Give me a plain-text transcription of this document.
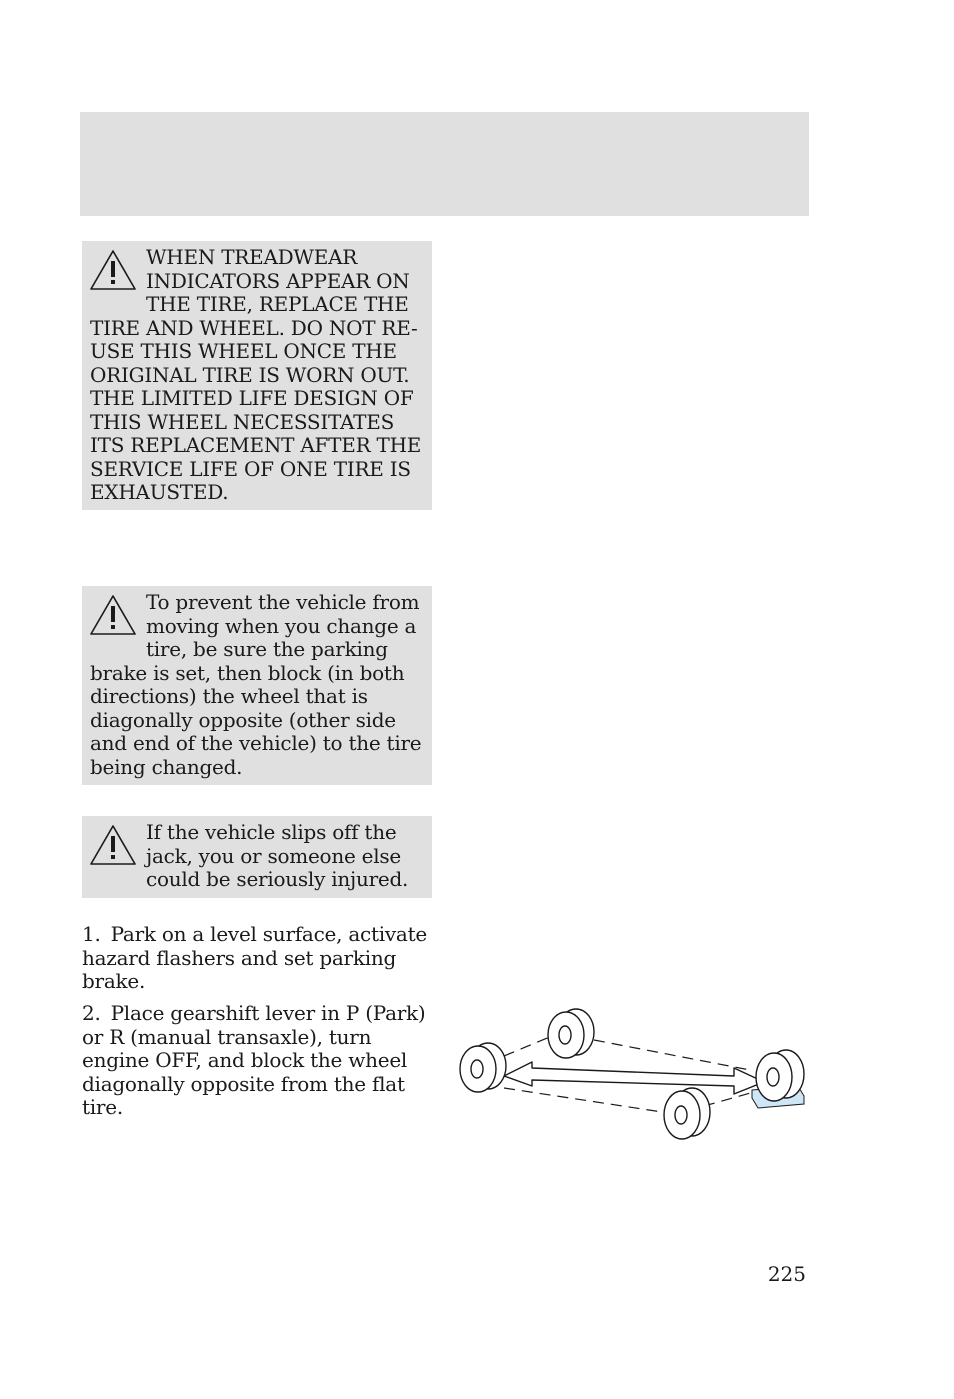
WHEN TREADWEAR INDICATORS APPEAR ON THE TIRE, REPLACE THE TIRE AND WHEEL. DO NOT RE-USE THIS WHEEL ONCE THE ORIGINAL TIRE IS WORN OUT. THE LIMITED LIFE DESIGN OF THIS WHEEL NECESSITATES ITS REPLACEMENT AFTER THE SERVICE LIFE OF ONE TIRE IS EXHAUSTED.
To prevent the vehicle from moving when you change a tire, be sure the parking brake is set, then block (in both directions) the wheel that is diagonally opposite (other side and end of the vehicle) to the tire being changed.
If the vehicle slips off the jack, you or someone else could be seriously injured.
1. Park on a level surface, activate hazard flashers and set parking brake.
2. Place gearshift lever in P (Park) or R (manual transaxle), turn engine OFF, and block the wheel diagonally opposite from the flat tire.
225
